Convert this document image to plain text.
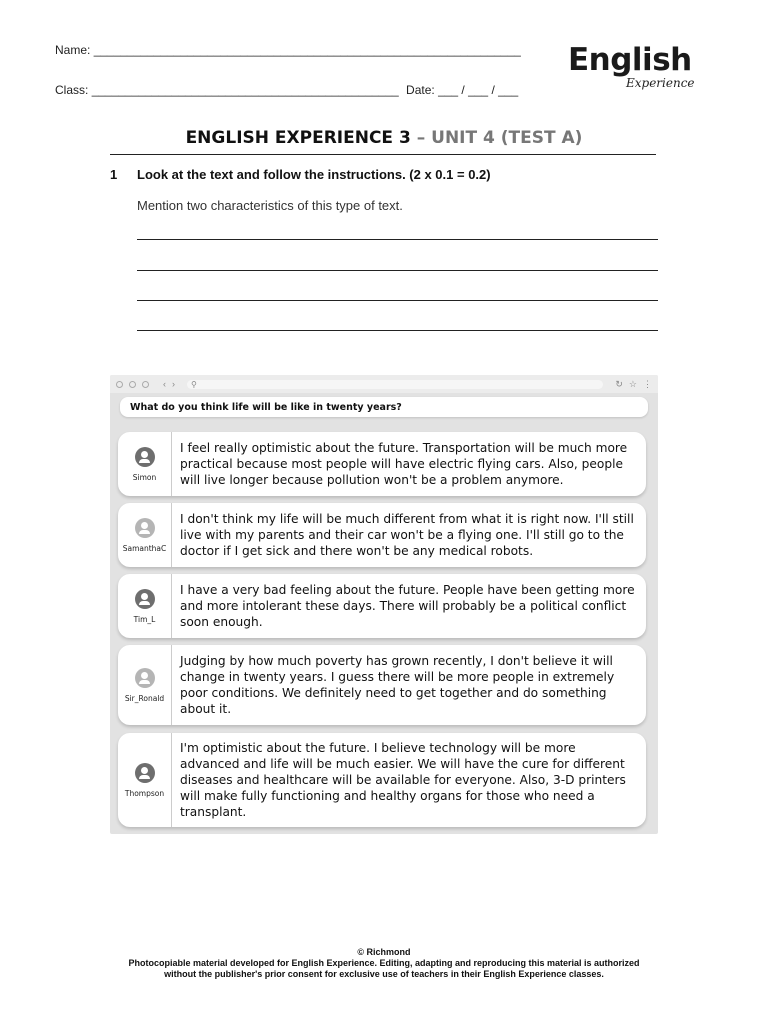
Name: ________________________________________________________________
Class: ______________________________________________ Date: ___ / ___ / ___
English
Experience
ENGLISH EXPERIENCE 3 – UNIT 4 (TEST A)
1 Look at the text and follow the instructions. (2 x 0.1 = 0.2)
Mention two characteristics of this type of text.
‹ › ⚲	↻ ☆ ⋮
What do you think life will be like in twenty years?
Simon
I feel really optimistic about the future. Transportation will be much more practical because most people will have electric flying cars. Also, people will live longer because pollution won't be a problem anymore.
SamanthaC
I don't think my life will be much different from what it is right now. I'll still live with my parents and their car won't be a flying one. I'll still go to the doctor if I get sick and there won't be any medical robots.
Tim_L
I have a very bad feeling about the future. People have been getting more and more intolerant these days. There will probably be a political conflict soon enough.
Sir_Ronald
Judging by how much poverty has grown recently, I don't believe it will change in twenty years. I guess there will be more people in extremely poor conditions. We definitely need to get together and do something about it.
Thompson
I'm optimistic about the future. I believe technology will be more advanced and life will be much easier. We will have the cure for different diseases and healthcare will be available for everyone. Also, 3-D printers will make fully functioning and healthy organs for those who need a transplant.
© Richmond
Photocopiable material developed for English Experience. Editing, adapting and reproducing this material is authorized
without the publisher's prior consent for exclusive use of teachers in their English Experience classes.
